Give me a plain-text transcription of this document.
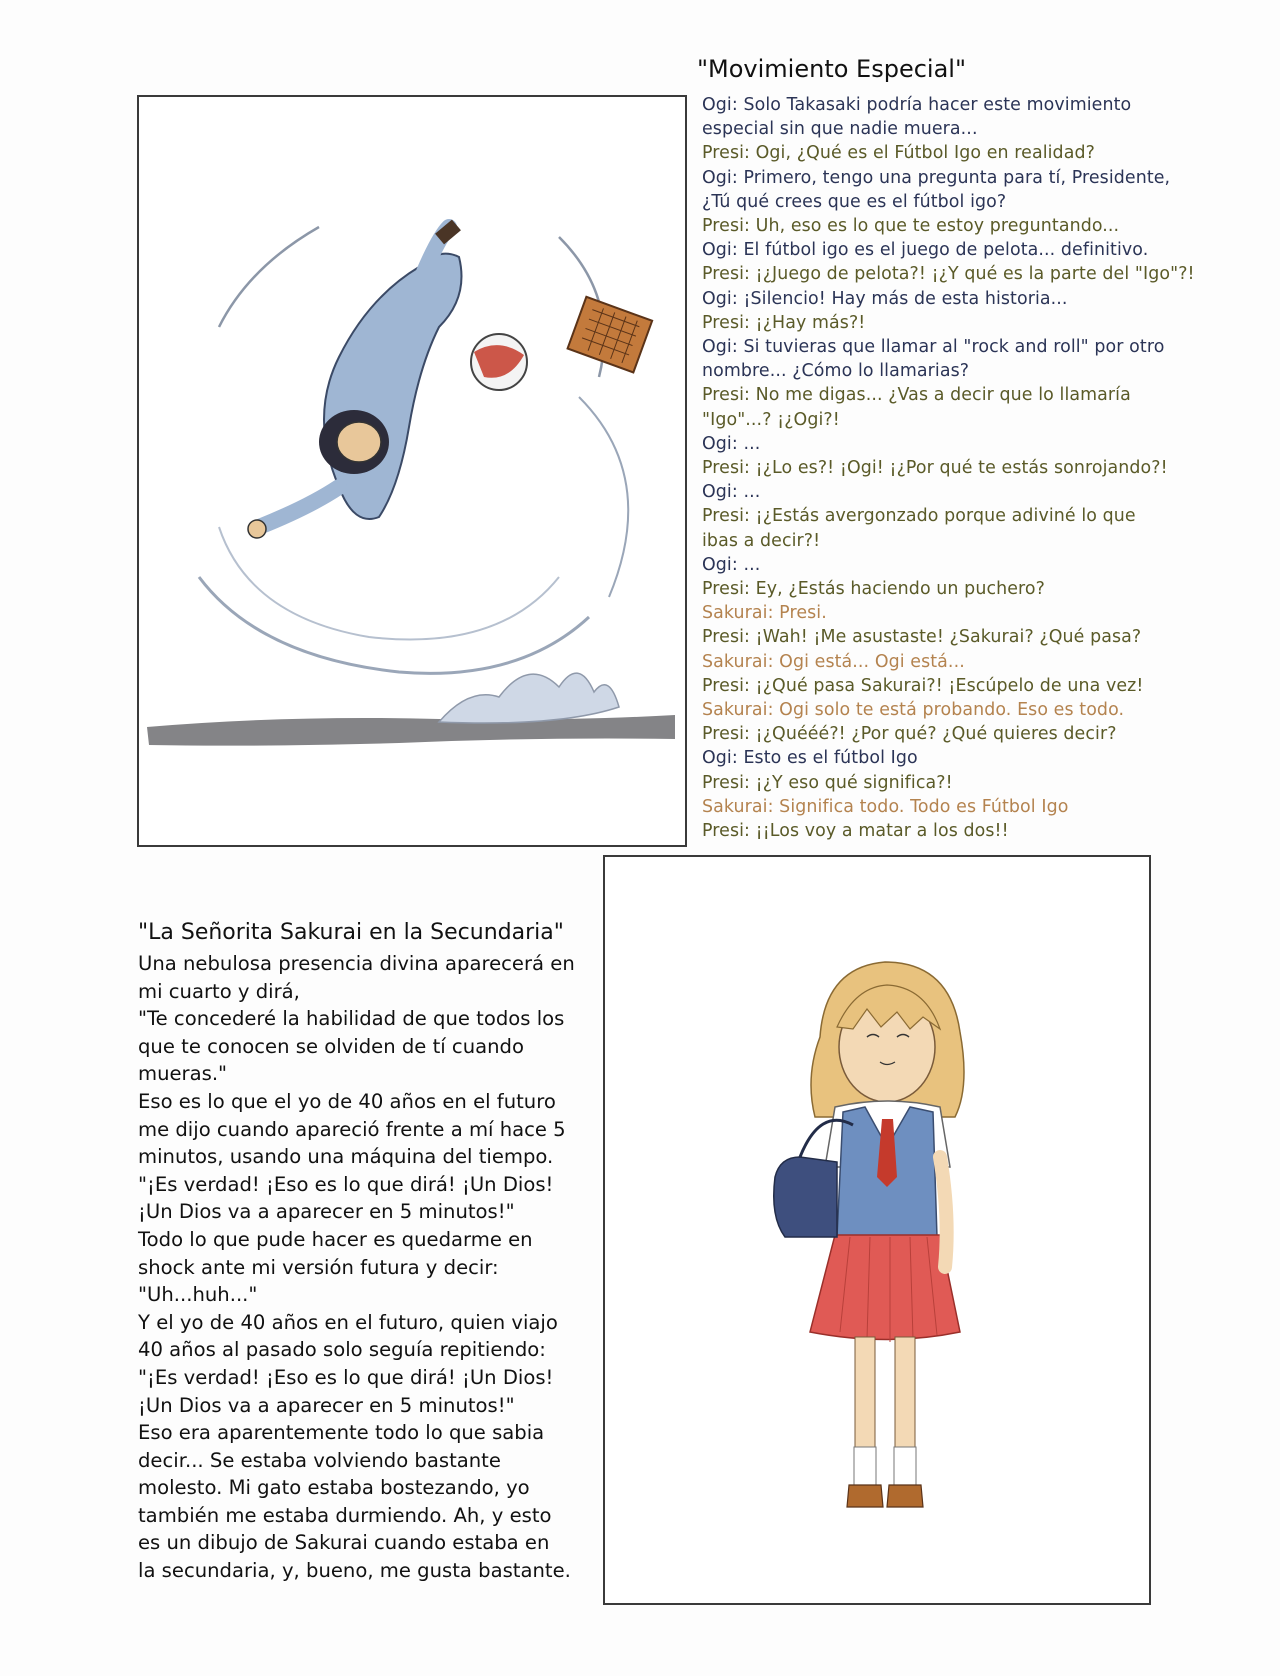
"Movimiento Especial"
Ogi: Solo Takasaki podría hacer este movimiento
especial sin que nadie muera...
Presi: Ogi, ¿Qué es el Fútbol Igo en realidad?
Ogi: Primero, tengo una pregunta para tí, Presidente,
¿Tú qué crees que es el fútbol igo?
Presi: Uh, eso es lo que te estoy preguntando...
Ogi: El fútbol igo es el juego de pelota... definitivo.
Presi: ¡¿Juego de pelota?! ¡¿Y qué es la parte del "Igo"?!
Ogi: ¡Silencio! Hay más de esta historia...
Presi: ¡¿Hay más?!
Ogi: Si tuvieras que llamar al "rock and roll" por otro
nombre... ¿Cómo lo llamarias?
Presi: No me digas... ¿Vas a decir que lo llamaría
"Igo"...? ¡¿Ogi?!
Ogi: ...
Presi: ¡¿Lo es?! ¡Ogi! ¡¿Por qué te estás sonrojando?!
Ogi: ...
Presi: ¡¿Estás avergonzado porque adiviné lo que
ibas a decir?!
Ogi: ...
Presi: Ey, ¿Estás haciendo un puchero?
Sakurai: Presi.
Presi: ¡Wah! ¡Me asustaste! ¿Sakurai? ¿Qué pasa?
Sakurai: Ogi está... Ogi está...
Presi: ¡¿Qué pasa Sakurai?! ¡Escúpelo de una vez!
Sakurai: Ogi solo te está probando. Eso es todo.
Presi: ¡¿Quééé?! ¿Por qué? ¿Qué quieres decir?
Ogi: Esto es el fútbol Igo
Presi: ¡¿Y eso qué significa?!
Sakurai: Significa todo. Todo es Fútbol Igo
Presi: ¡¡Los voy a matar a los dos!!
"La Señorita Sakurai en la Secundaria"
Una nebulosa presencia divina aparecerá en
mi cuarto y dirá,
"Te concederé la habilidad de que todos los
que te conocen se olviden de tí cuando
mueras."
Eso es lo que el yo de 40 años en el futuro
me dijo cuando apareció frente a mí hace 5
minutos, usando una máquina del tiempo.
"¡Es verdad! ¡Eso es lo que dirá! ¡Un Dios!
¡Un Dios va a aparecer en 5 minutos!"
Todo lo que pude hacer es quedarme en
shock ante mi versión futura y decir:
"Uh...huh..."
Y el yo de 40 años en el futuro, quien viajo
40 años al pasado solo seguía repitiendo:
"¡Es verdad! ¡Eso es lo que dirá! ¡Un Dios!
¡Un Dios va a aparecer en 5 minutos!"
Eso era aparentemente todo lo que sabia
decir... Se estaba volviendo bastante
molesto. Mi gato estaba bostezando, yo
también me estaba durmiendo. Ah, y esto
es un dibujo de Sakurai cuando estaba en
la secundaria, y, bueno, me gusta bastante.
